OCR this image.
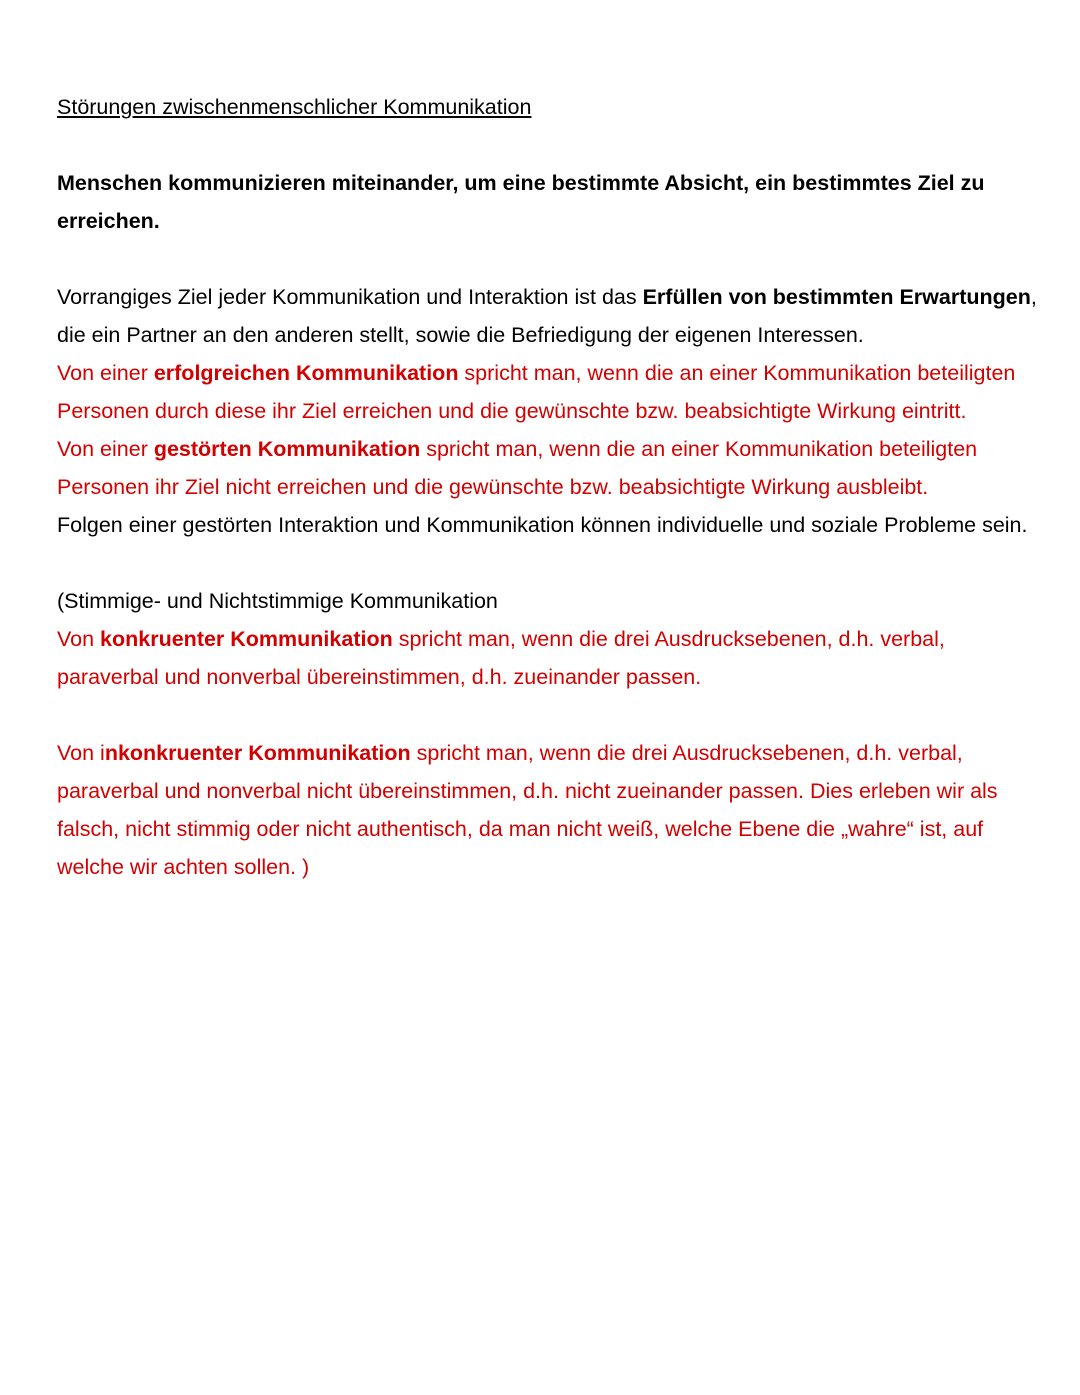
Störungen zwischenmenschlicher Kommunikation

Menschen kommunizieren miteinander, um eine bestimmte Absicht, ein bestimmtes Ziel zu erreichen.

Vorrangiges Ziel jeder Kommunikation und Interaktion ist das Erfüllen von bestimmten Erwartungen, die ein Partner an den anderen stellt, sowie die Befriedigung der eigenen Interessen.

Von einer erfolgreichen Kommunikation spricht man, wenn die an einer Kommunikation beteiligten Personen durch diese ihr Ziel erreichen und die gewünschte bzw. beabsichtigte Wirkung eintritt.

Von einer gestörten Kommunikation spricht man, wenn die an einer Kommunikation beteiligten Personen ihr Ziel nicht erreichen und die gewünschte bzw. beabsichtigte Wirkung ausbleibt.

Folgen einer gestörten Interaktion und Kommunikation können individuelle und soziale Probleme sein.

(Stimmige- und Nichtstimmige Kommunikation

Von konkruenter Kommunikation spricht man, wenn die drei Ausdrucksebenen, d.h. verbal, paraverbal und nonverbal übereinstimmen, d.h. zueinander passen.

Von inkonkruenter Kommunikation spricht man, wenn die drei Ausdrucksebenen, d.h. verbal, paraverbal und nonverbal nicht übereinstimmen, d.h. nicht zueinander passen. Dies erleben wir als falsch, nicht stimmig oder nicht authentisch, da man nicht weiß, welche Ebene die „wahre“ ist, auf welche wir achten sollen. )
